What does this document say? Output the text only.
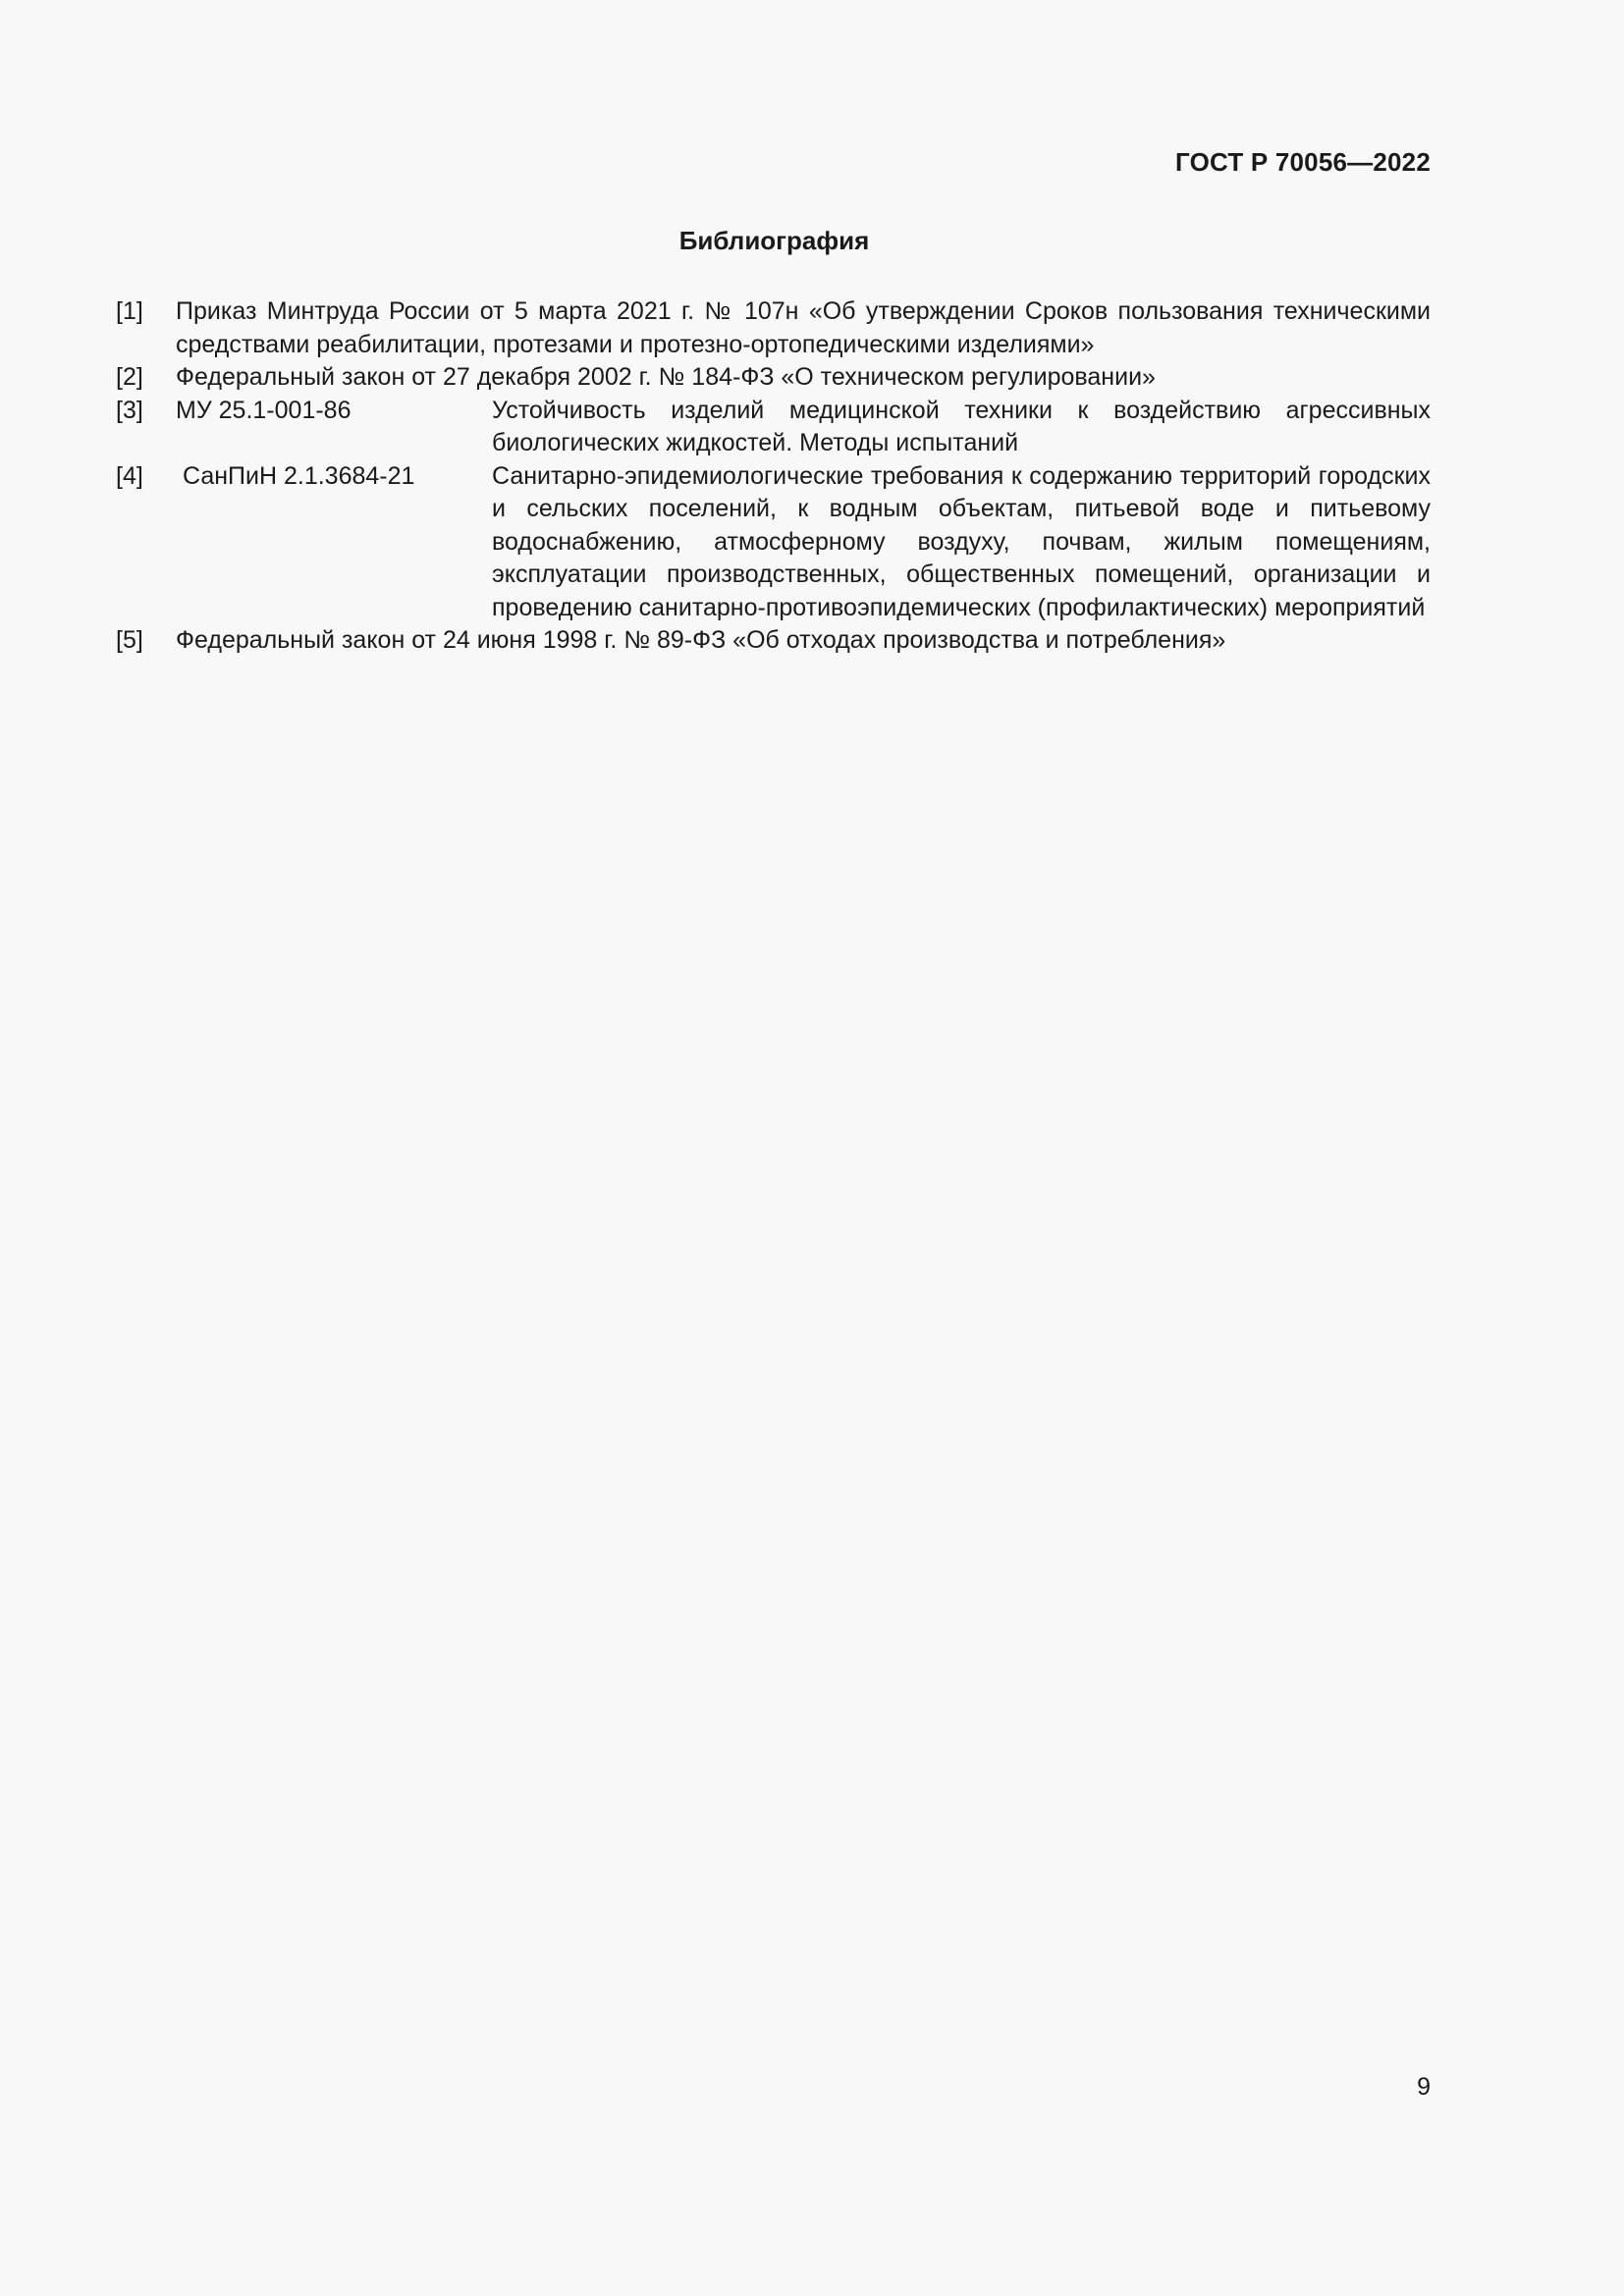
ГОСТ Р 70056—2022
Библиография

[1]	Приказ Минтруда России от 5 марта 2021 г. № 107н «Об утверждении Сроков пользования техническими средствами реабилитации, протезами и протезно-ортопедическими изделиями»

[2]	Федеральный закон от 27 декабря 2002 г. № 184-ФЗ «О техническом регулировании»

[3]	МУ 25.1-001-86	Устойчивость изделий медицинской техники к воздействию агрессивных биологических жидкостей. Методы испытаний

[4]	СанПиН 2.1.3684-21	Санитарно-эпидемиологические требования к содержанию территорий городских и сельских поселений, к водным объектам, питьевой воде и питьевому водоснабжению, атмосферному воздуху, почвам, жилым помещениям, эксплуатации производственных, общественных помещений, организации и проведению санитарно-противоэпидемических (профилактических) мероприятий

[5]	Федеральный закон от 24 июня 1998 г. № 89-ФЗ «Об отходах производства и потребления»

9
